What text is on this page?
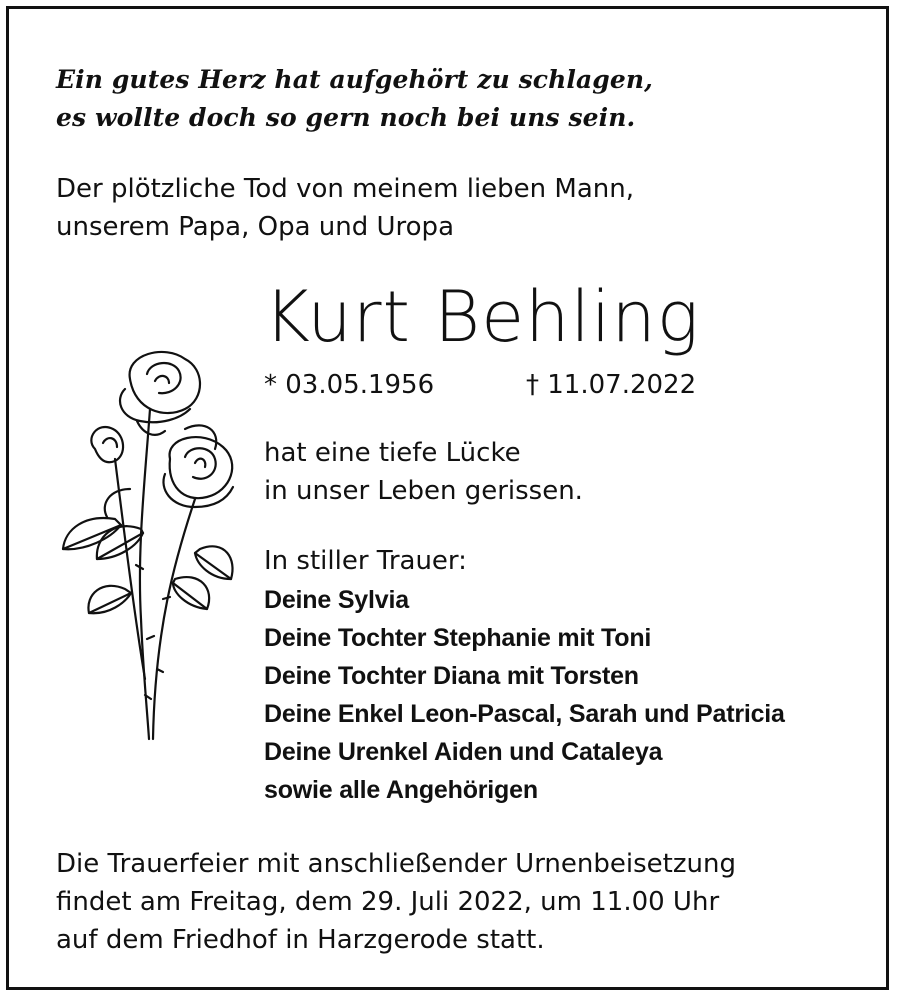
Ein gutes Herz hat aufgehört zu schlagen,
es wollte doch so gern noch bei uns sein.
Der plötzliche Tod von meinem lieben Mann,
unserem Papa, Opa und Uropa
Kurt Behling
* 03.05.1956	† 11.07.2022
hat eine tiefe Lücke
in unser Leben gerissen.
In stiller Trauer:
Deine Sylvia
Deine Tochter Stephanie mit Toni
Deine Tochter Diana mit Torsten
Deine Enkel Leon-Pascal, Sarah und Patricia
Deine Urenkel Aiden und Cataleya
sowie alle Angehörigen
Die Trauerfeier mit anschließender Urnenbeisetzung
findet am Freitag, dem 29. Juli 2022, um 11.00 Uhr
auf dem Friedhof in Harzgerode statt.
